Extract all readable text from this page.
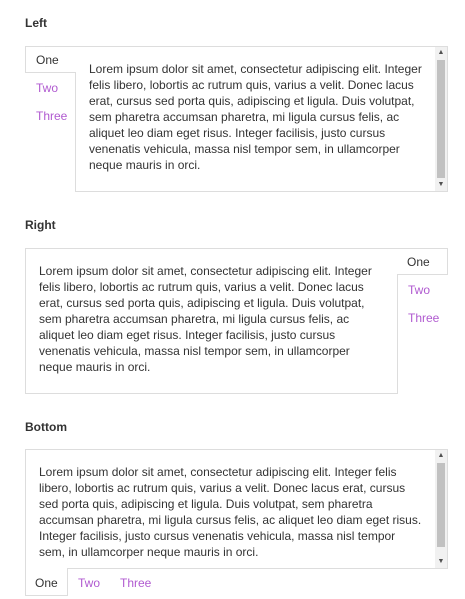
Left

Lorem ipsum dolor sit amet, consectetur adipiscing elit. Integer felis libero, lobortis ac rutrum quis, varius a velit. Donec lacus erat, cursus sed porta quis, adipiscing et ligula. Duis volutpat, sem pharetra accumsan pharetra, mi ligula cursus felis, ac aliquet leo diam eget risus. Integer facilisis, justo cursus venenatis vehicula, massa nisl tempor sem, in ullamcorper neque mauris in orci.

▲
▼
One
Two
Three
Right

Lorem ipsum dolor sit amet, consectetur adipiscing elit. Integer felis libero, lobortis ac rutrum quis, varius a velit. Donec lacus erat, cursus sed porta quis, adipiscing et ligula. Duis volutpat, sem pharetra accumsan pharetra, mi ligula cursus felis, ac aliquet leo diam eget risus. Integer facilisis, justo cursus venenatis vehicula, massa nisl tempor sem, in ullamcorper neque mauris in orci.

One
Two
Three
Bottom

Lorem ipsum dolor sit amet, consectetur adipiscing elit. Integer felis libero, lobortis ac rutrum quis, varius a velit. Donec lacus erat, cursus sed porta quis, adipiscing et ligula. Duis volutpat, sem pharetra accumsan pharetra, mi ligula cursus felis, ac aliquet leo diam eget risus. Integer facilisis, justo cursus venenatis vehicula, massa nisl tempor sem, in ullamcorper neque mauris in orci.

▲
▼
One	Two Three
